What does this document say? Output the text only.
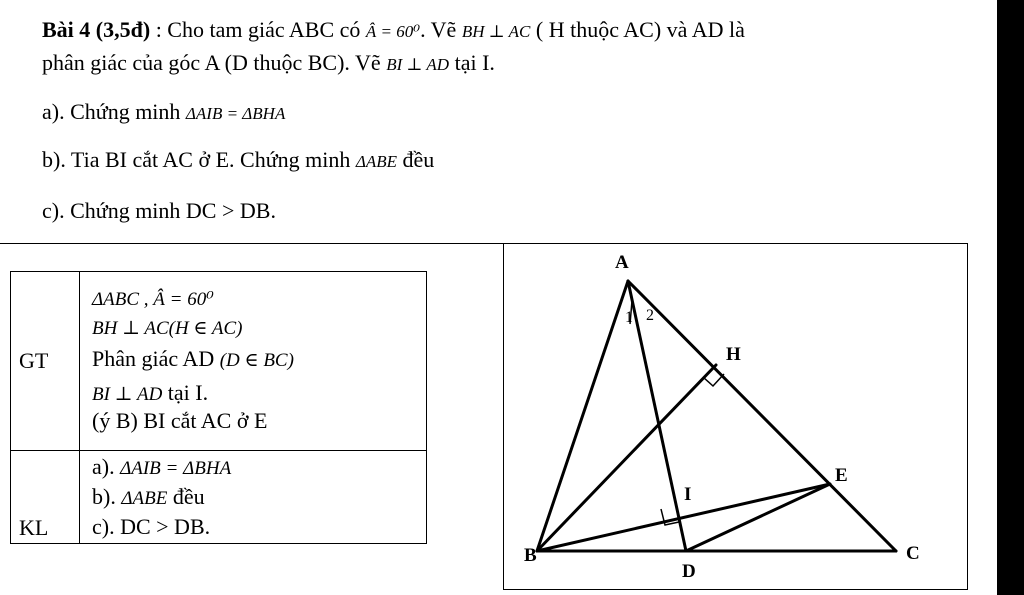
Bài 4 (3,5đ) : Cho tam giác ABC có Â = 60⁰. Vẽ BH ⊥ AC ( H thuộc AC) và AD là

phân giác của góc A (D thuộc BC). Vẽ BI ⊥ AD tại I.

a). Chứng minh ΔAIB = ΔBHA
b). Tia BI cắt AC ở E. Chứng minh ΔABE đều
c). Chứng minh DC > DB.
GT	ΔABC , Â = 60⁰
BH ⊥ AC(H ∈ AC)
Phân giác AD (D ∈ BC)
BI ⊥ AD tại I.
(ý B) BI cắt AC ở E

KL	a). ΔAIB = ΔBHA
b). ΔABE đều
c). DC > DB.
A
B	C
D
H
I
E
1 2
